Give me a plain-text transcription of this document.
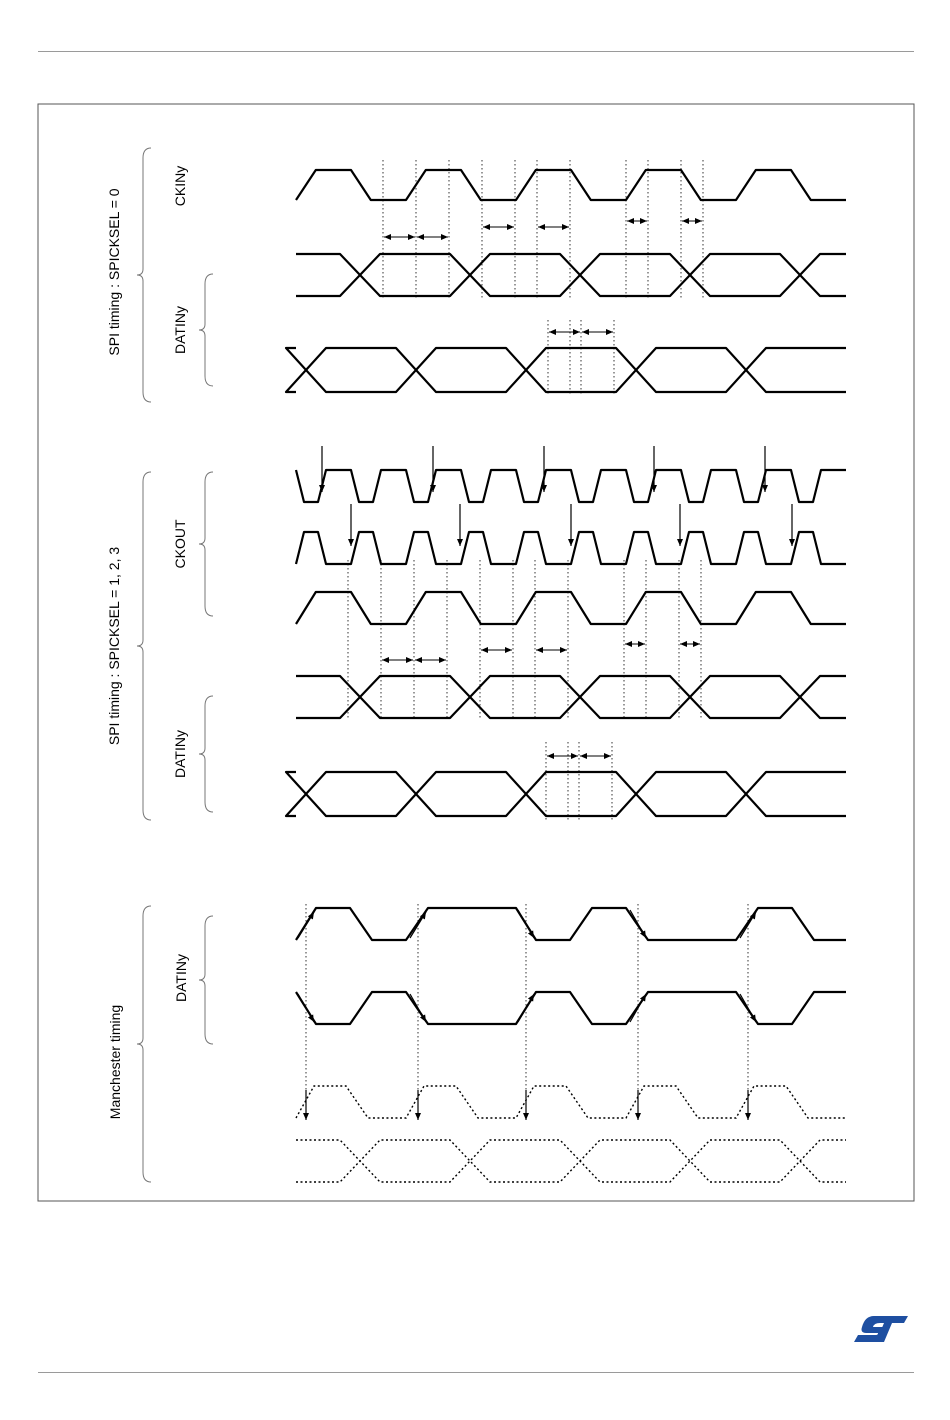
SPI timing : SPICKSEL = 0
CKINy
DATINy
SPI timing : SPICKSEL = 1, 2, 3
CKOUT
DATINy
Manchester timing
DATINy
